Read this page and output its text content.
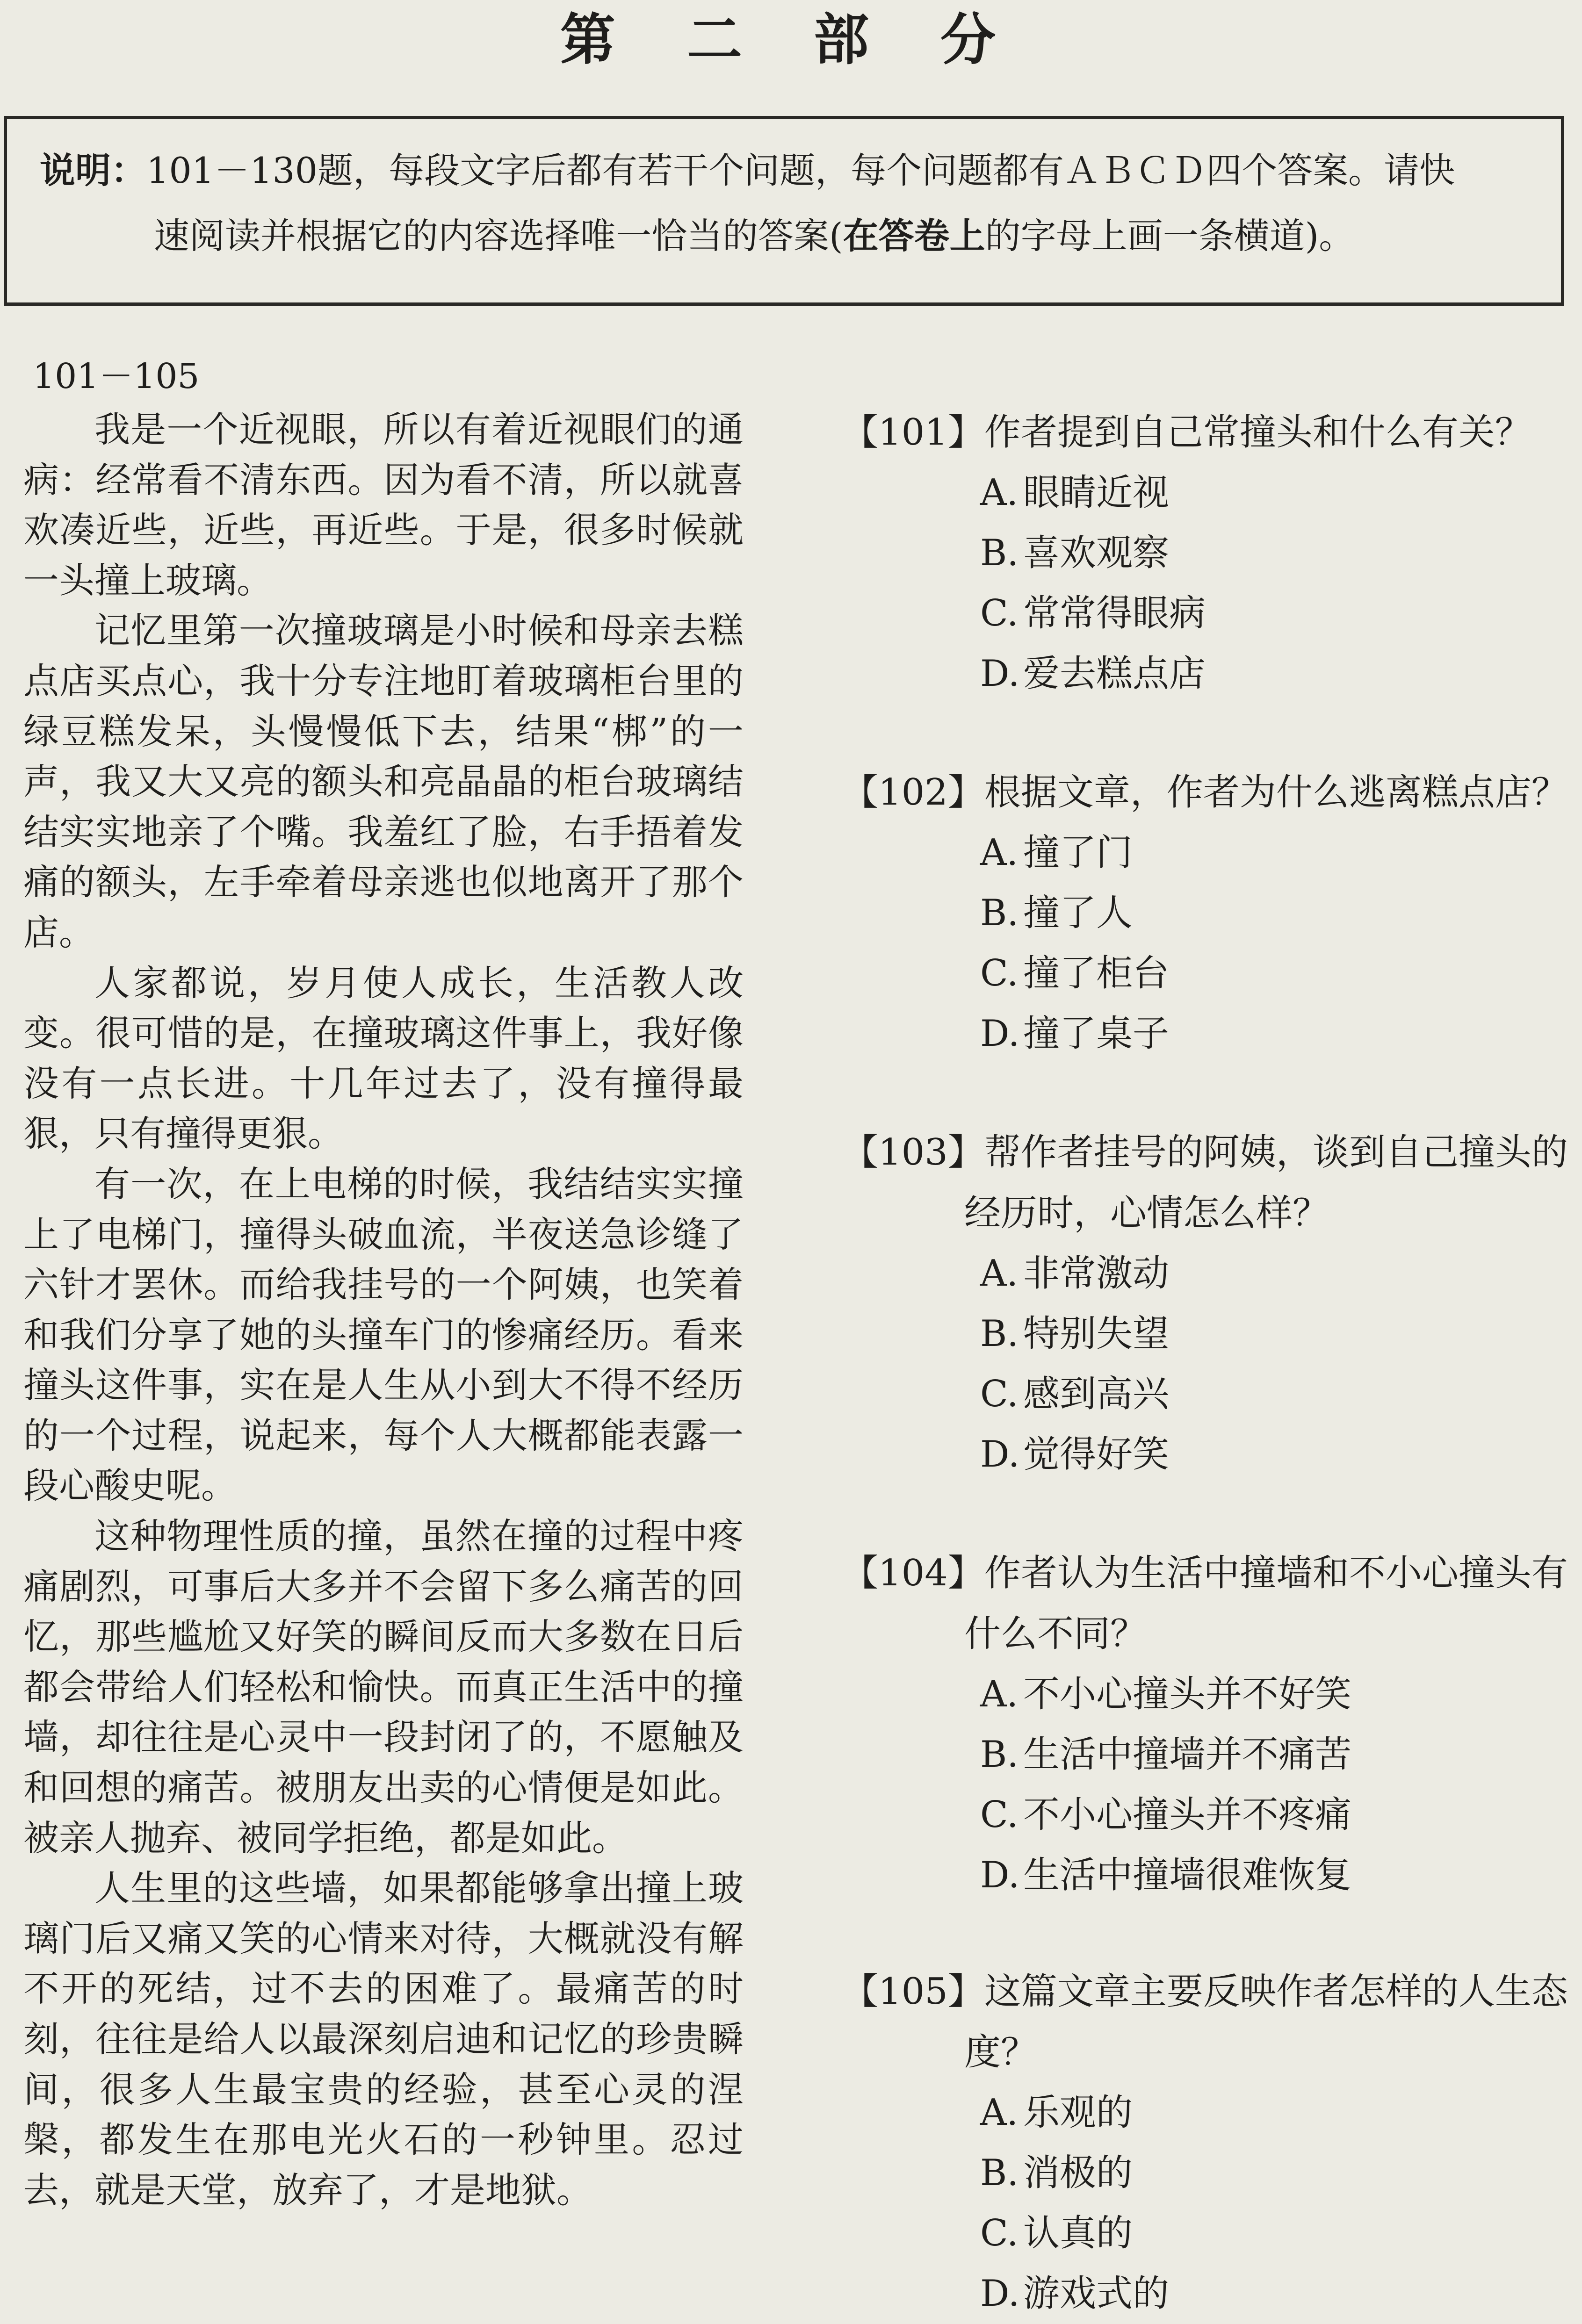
第 二 部 分
说明：101－130题，每段文字后都有若干个问题，每个问题都有ＡＢＣＤ四个答案。请快
速阅读并根据它的内容选择唯一恰当的答案(在答卷上的字母上画一条横道)。

101－105

我是一个近视眼，所以有着近视眼们的通病：经常看不清东西。因为看不清，所以就喜欢凑近些，近些，再近些。于是，很多时候就一头撞上玻璃。

记忆里第一次撞玻璃是小时候和母亲去糕点店买点心，我十分专注地盯着玻璃柜台里的绿豆糕发呆，头慢慢低下去，结果“梆”的一声，我又大又亮的额头和亮晶晶的柜台玻璃结结实实地亲了个嘴。我羞红了脸，右手捂着发痛的额头，左手牵着母亲逃也似地离开了那个店。

人家都说，岁月使人成长，生活教人改变。很可惜的是，在撞玻璃这件事上，我好像没有一点长进。十几年过去了，没有撞得最狠，只有撞得更狠。

有一次，在上电梯的时候，我结结实实撞上了电梯门，撞得头破血流，半夜送急诊缝了六针才罢休。而给我挂号的一个阿姨，也笑着和我们分享了她的头撞车门的惨痛经历。看来撞头这件事，实在是人生从小到大不得不经历的一个过程，说起来，每个人大概都能表露一段心酸史呢。

这种物理性质的撞，虽然在撞的过程中疼痛剧烈，可事后大多并不会留下多么痛苦的回忆，那些尴尬又好笑的瞬间反而大多数在日后都会带给人们轻松和愉快。而真正生活中的撞墙，却往往是心灵中一段封闭了的，不愿触及和回想的痛苦。被朋友出卖的心情便是如此。被亲人抛弃、被同学拒绝，都是如此。

人生里的这些墙，如果都能够拿出撞上玻璃门后又痛又笑的心情来对待，大概就没有解不开的死结，过不去的困难了。最痛苦的时刻，往往是给人以最深刻启迪和记忆的珍贵瞬间，很多人生最宝贵的经验，甚至心灵的涅槃，都发生在那电光火石的一秒钟里。忍过去，就是天堂，放弃了，才是地狱。

【101】作者提到自己常撞头和什么有关？

A. 眼睛近视
B. 喜欢观察
C. 常常得眼病
D.爱去糕点店

【102】根据文章，作者为什么逃离糕点店？

A. 撞了门
B. 撞了人
C. 撞了柜台
D.撞了桌子

【103】帮作者挂号的阿姨，谈到自己撞头的经历时，心情怎么样？

A. 非常激动
B. 特别失望
C. 感到高兴
D.觉得好笑

【104】作者认为生活中撞墙和不小心撞头有什么不同？

A. 不小心撞头并不好笑
B. 生活中撞墙并不痛苦
C. 不小心撞头并不疼痛
D.生活中撞墙很难恢复

【105】这篇文章主要反映作者怎样的人生态度？

A. 乐观的
B. 消极的
C. 认真的
D.游戏式的
